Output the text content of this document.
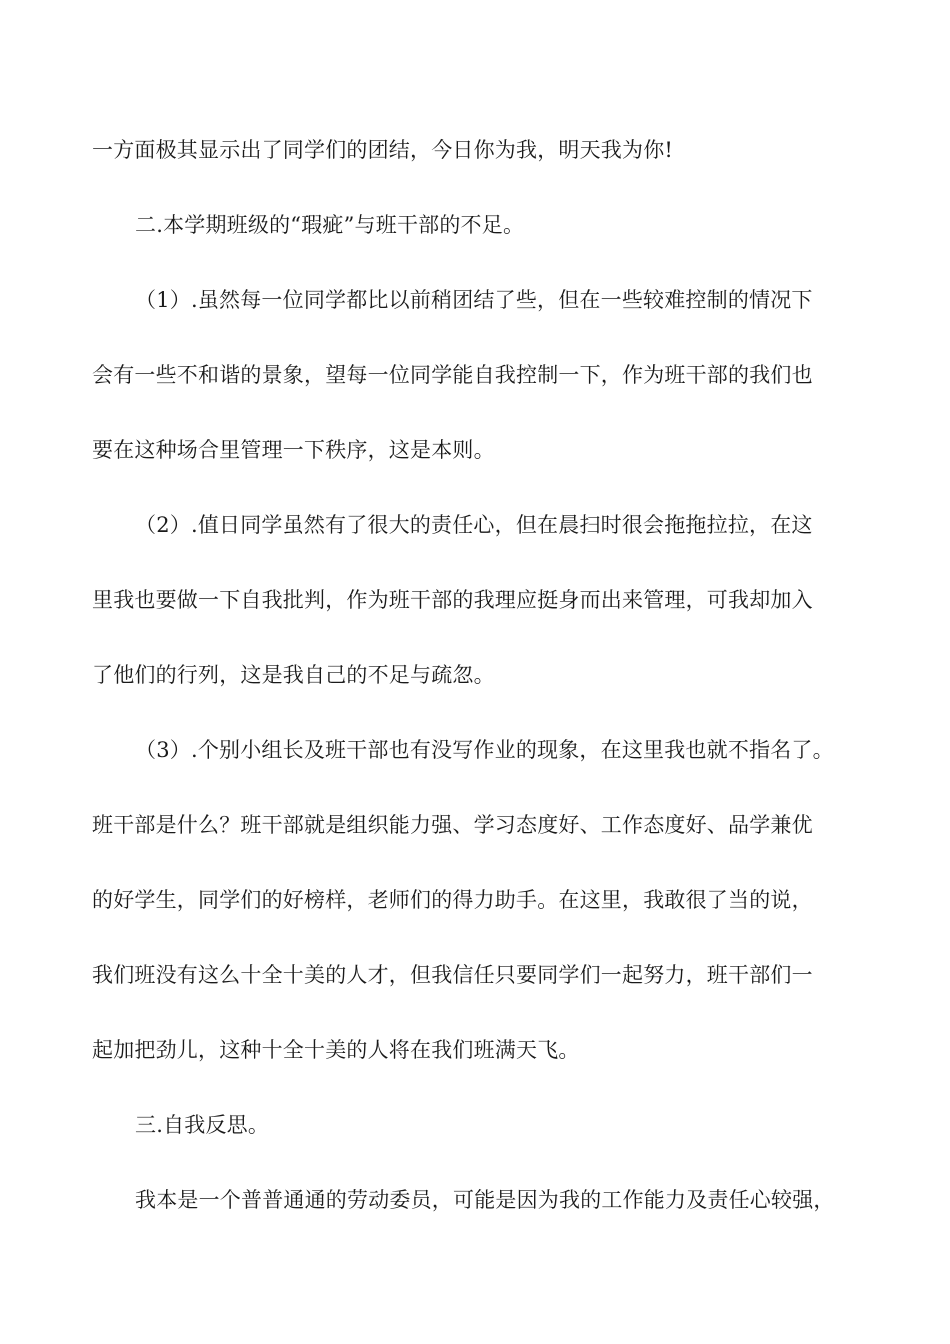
一方面极其显示出了同学们的团结，今日你为我，明天我为你!
二.本学期班级的“瑕疵”与班干部的不足。
（1）.虽然每一位同学都比以前稍团结了些，但在一些较难控制的情况下
会有一些不和谐的景象，望每一位同学能自我控制一下，作为班干部的我们也
要在这种场合里管理一下秩序，这是本则。
（2）.值日同学虽然有了很大的责任心，但在晨扫时很会拖拖拉拉，在这
里我也要做一下自我批判，作为班干部的我理应挺身而出来管理，可我却加入
了他们的行列，这是我自己的不足与疏忽。
（3）.个别小组长及班干部也有没写作业的现象，在这里我也就不指名了。
班干部是什么？班干部就是组织能力强、学习态度好、工作态度好、品学兼优
的好学生，同学们的好榜样，老师们的得力助手。在这里，我敢很了当的说，
我们班没有这么十全十美的人才，但我信任只要同学们一起努力，班干部们一
起加把劲儿，这种十全十美的人将在我们班满天飞。
三.自我反思。
我本是一个普普通通的劳动委员，可能是因为我的工作能力及责任心较强，
